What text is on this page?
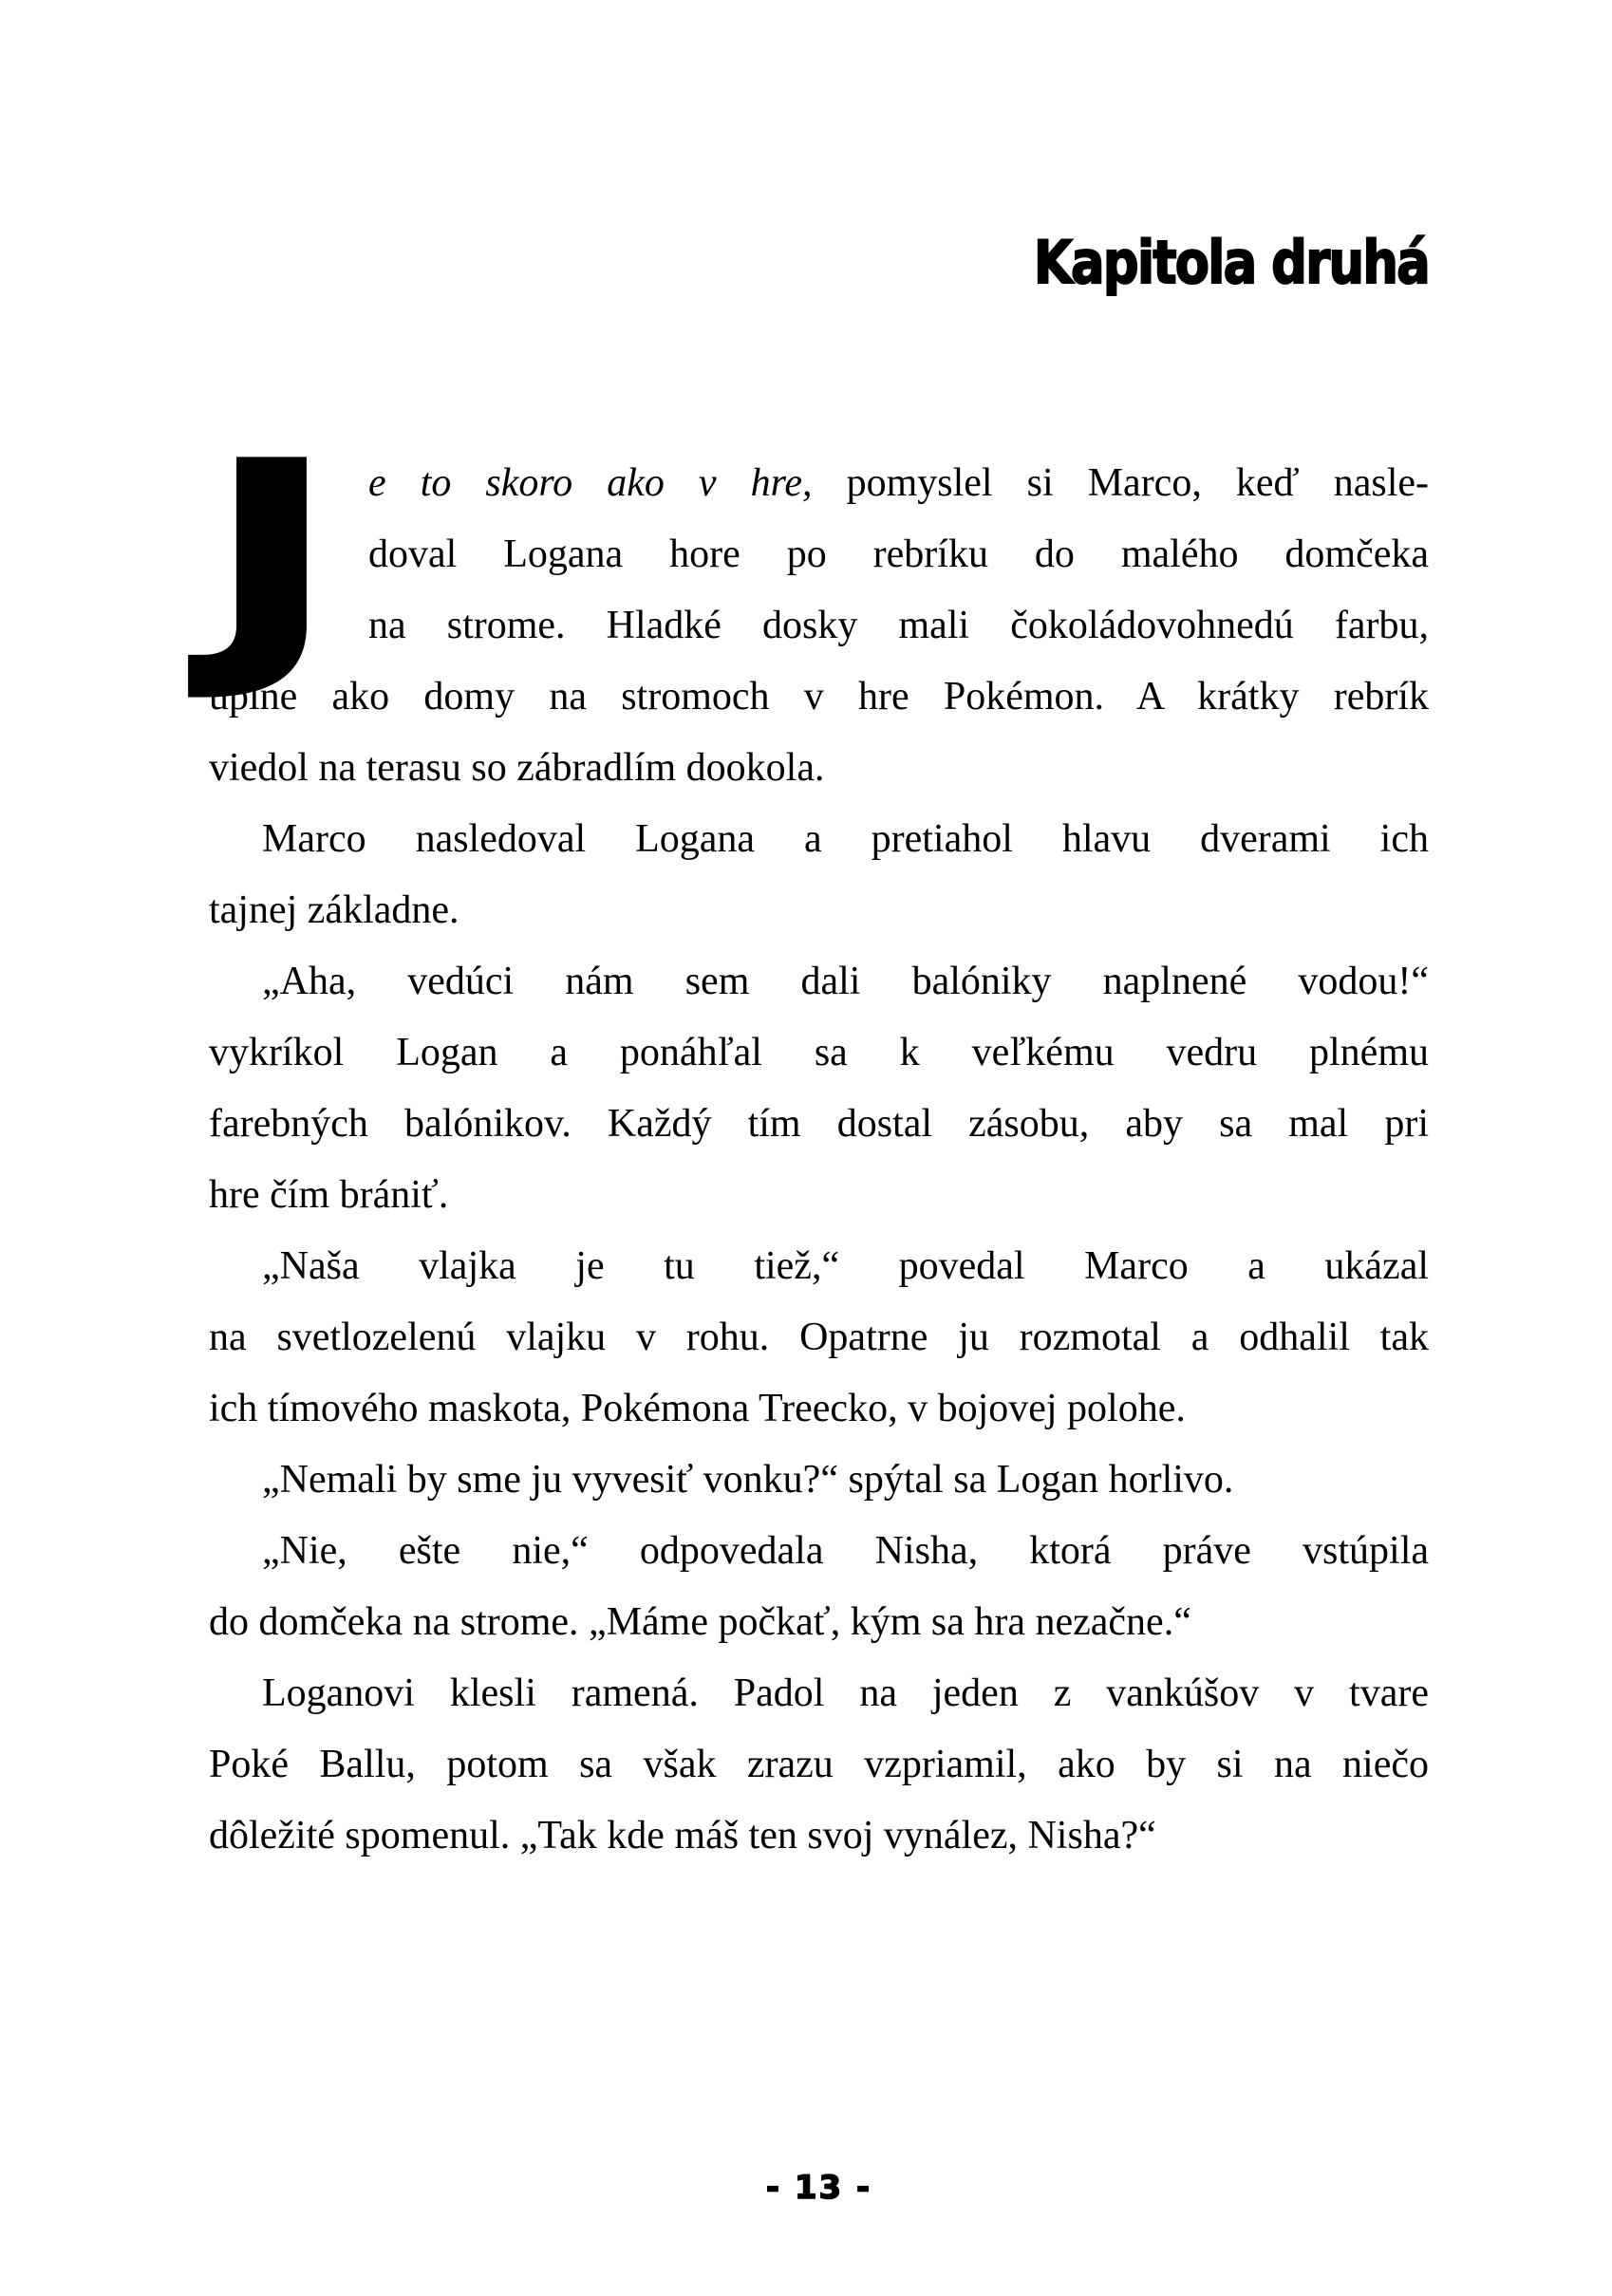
Kapitola druhá
J e to skoro ako v hre, pomyslel si Marco, keď nasle-
doval Logana hore po rebríku do malého domčeka
na strome. Hladké dosky mali čokoládovohnedú farbu,
úplne ako domy na stromoch v hre Pokémon. A krátky rebrík
viedol na terasu so zábradlím dookola.
Marco nasledoval Logana a pretiahol hlavu dverami ich
tajnej základne.
„Aha, vedúci nám sem dali balóniky naplnené vodou!“
vykríkol Logan a ponáhľal sa k veľkému vedru plnému
farebných balónikov. Každý tím dostal zásobu, aby sa mal pri
hre čím brániť.
„Naša vlajka je tu tiež,“ povedal Marco a ukázal
na svetlozelenú vlajku v rohu. Opatrne ju rozmotal a odhalil tak
ich tímového maskota, Pokémona Treecko, v bojovej polohe.
„Nemali by sme ju vyvesiť vonku?“ spýtal sa Logan horlivo.
„Nie, ešte nie,“ odpovedala Nisha, ktorá práve vstúpila
do domčeka na strome. „Máme počkať, kým sa hra nezačne.“
Loganovi klesli ramená. Padol na jeden z vankúšov v tvare
Poké Ballu, potom sa však zrazu vzpriamil, ako by si na niečo
dôležité spomenul. „Tak kde máš ten svoj vynález, Nisha?“
- 13 -
